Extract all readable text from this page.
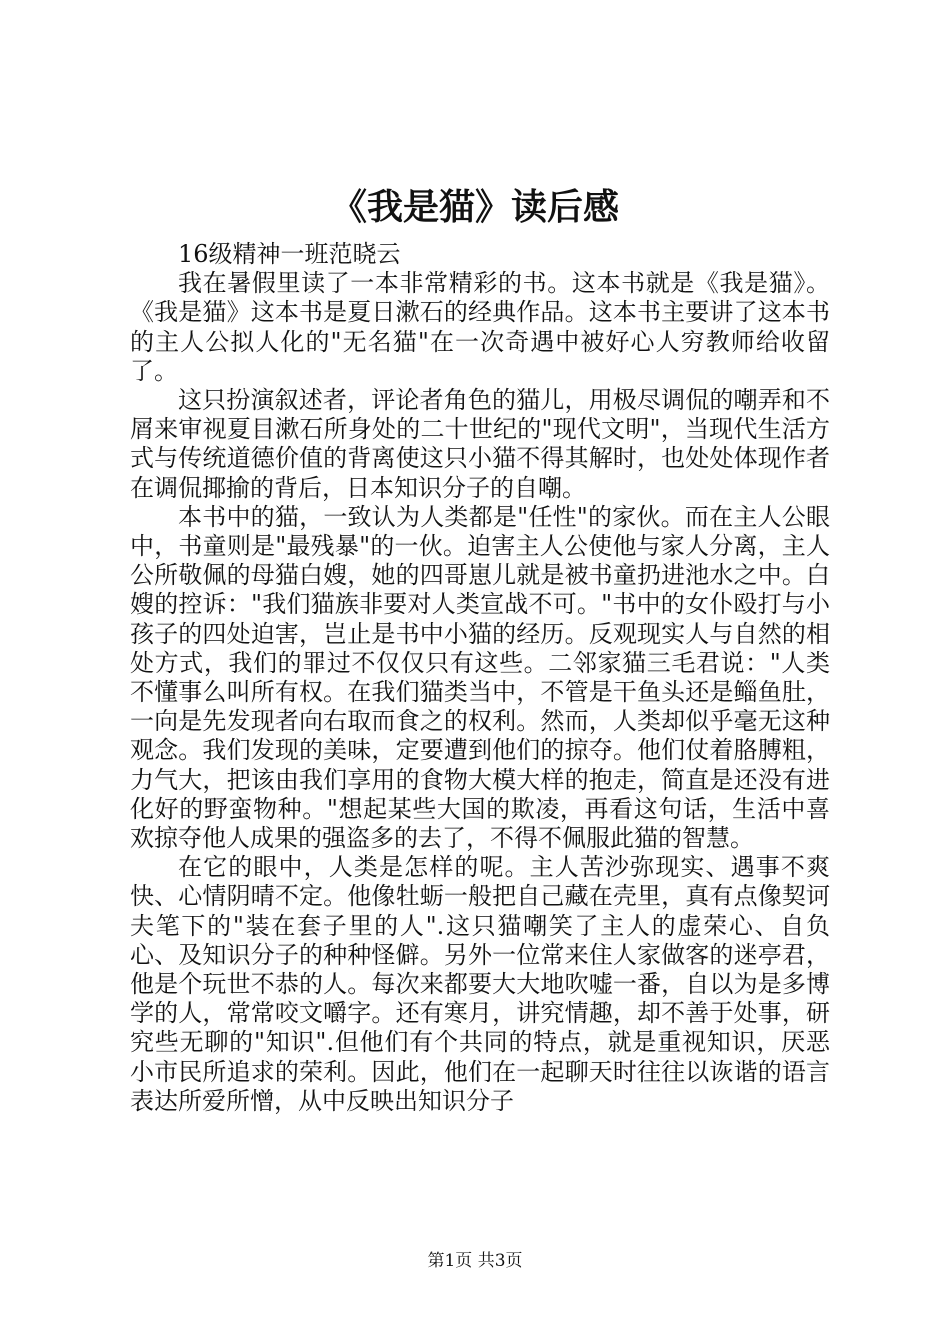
《我是猫》读后感

16级精神一班范晓云

我在暑假里读了一本非常精彩的书。这本书就是《我是猫》。《我是猫》这本书是夏日漱石的经典作品。这本书主要讲了这本书的主人公拟人化的"无名猫"在一次奇遇中被好心人穷教师给收留了。

这只扮演叙述者，评论者角色的猫儿，用极尽调侃的嘲弄和不屑来审视夏目漱石所身处的二十世纪的"现代文明"，当现代生活方式与传统道德价值的背离使这只小猫不得其解时，也处处体现作者在调侃揶揄的背后，日本知识分子的自嘲。

本书中的猫，一致认为人类都是"任性"的家伙。而在主人公眼中，书童则是"最残暴"的一伙。迫害主人公使他与家人分离，主人公所敬佩的母猫白嫂，她的四哥崽儿就是被书童扔进池水之中。白嫂的控诉："我们猫族非要对人类宣战不可。"书中的女仆殴打与小孩子的四处迫害，岂止是书中小猫的经历。反观现实人与自然的相处方式，我们的罪过不仅仅只有这些。二邻家猫三毛君说："人类不懂事么叫所有权。在我们猫类当中，不管是干鱼头还是鲻鱼肚，一向是先发现者向右取而食之的权利。然而，人类却似乎毫无这种观念。我们发现的美味，定要遭到他们的掠夺。他们仗着胳膊粗，力气大，把该由我们享用的食物大模大样的抱走，简直是还没有进化好的野蛮物种。"想起某些大国的欺凌，再看这句话，生活中喜欢掠夺他人成果的强盗多的去了，不得不佩服此猫的智慧。

在它的眼中，人类是怎样的呢。主人苦沙弥现实、遇事不爽快、心情阴晴不定。他像牡蛎一般把自己藏在壳里，真有点像契诃夫笔下的"装在套子里的人".这只猫嘲笑了主人的虚荣心、自负心、及知识分子的种种怪僻。另外一位常来住人家做客的迷亭君，他是个玩世不恭的人。每次来都要大大地吹嘘一番，自以为是多博学的人，常常咬文嚼字。还有寒月，讲究情趣，却不善于处事，研究些无聊的"知识".但他们有个共同的特点，就是重视知识，厌恶小市民所追求的荣利。因此，他们在一起聊天时往往以诙谐的语言表达所爱所憎，从中反映出知识分子

第1页 共3页
